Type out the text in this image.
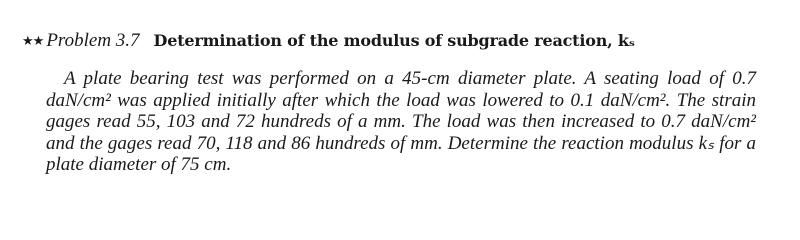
★★ Problem 3.7 Determination of the modulus of subgrade reaction, kₛ
A plate bearing test was performed on a 45-cm diameter plate. A seating load of 0.7 daN/cm² was applied initially after which the load was lowered to 0.1 daN/cm². The strain gages read 55, 103 and 72 hundreds of a mm. The load was then increased to 0.7 daN/cm² and the gages read 70, 118 and 86 hundreds of mm. Determine the reaction modulus kₛ for a plate diameter of 75 cm.
